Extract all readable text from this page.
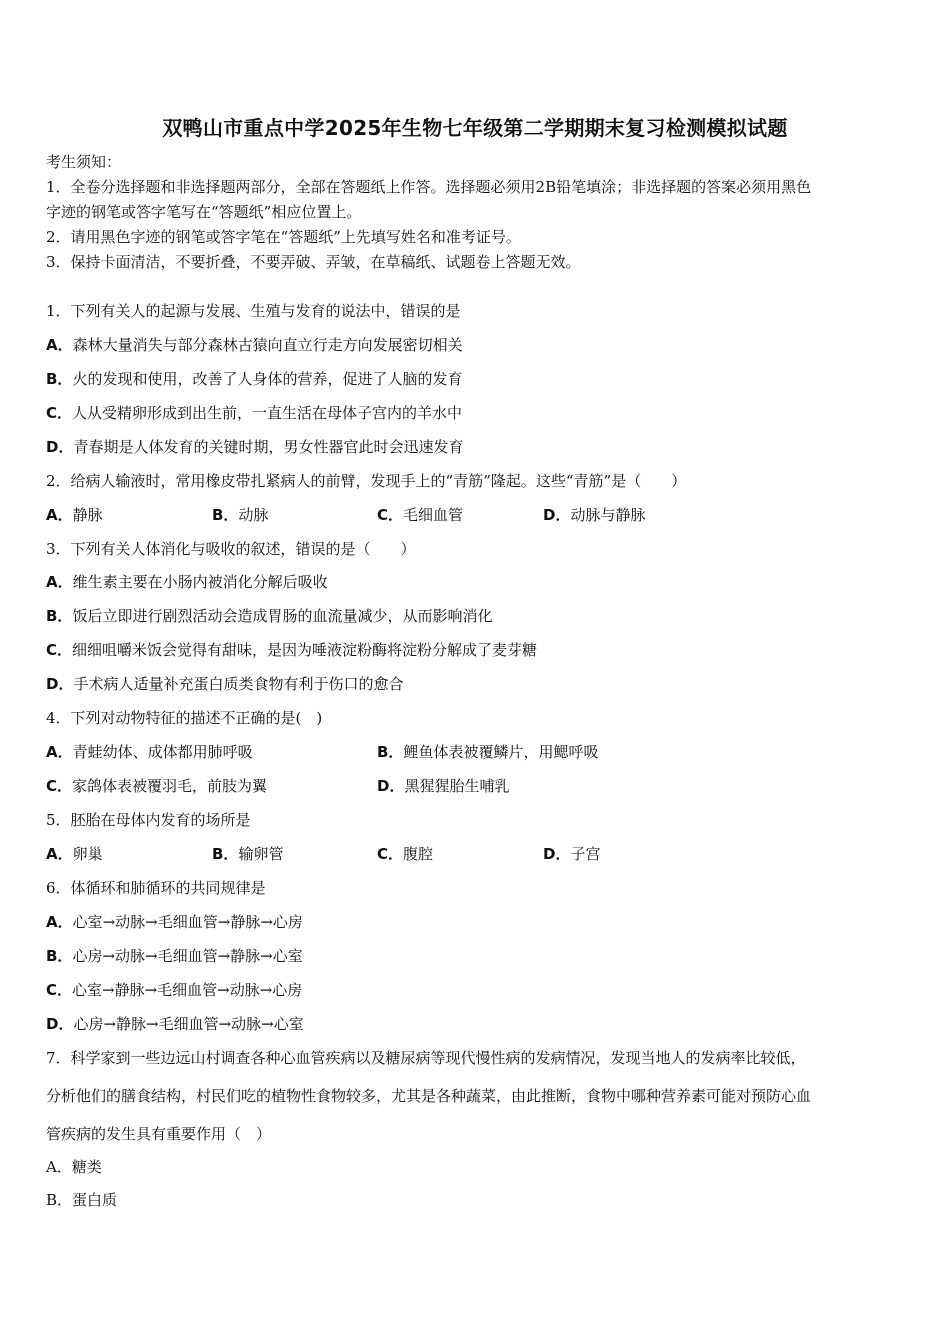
双鸭山市重点中学2025年生物七年级第二学期期末复习检测模拟试题
考生须知：
1．全卷分选择题和非选择题两部分，全部在答题纸上作答。选择题必须用2B铅笔填涂；非选择题的答案必须用黑色
字迹的钢笔或答字笔写在“答题纸”相应位置上。
2．请用黑色字迹的钢笔或答字笔在“答题纸”上先填写姓名和准考证号。
3．保持卡面清洁，不要折叠，不要弄破、弄皱，在草稿纸、试题卷上答题无效。
1．下列有关人的起源与发展、生殖与发育的说法中，错误的是
A．森林大量消失与部分森林古猿向直立行走方向发展密切相关
B．火的发现和使用，改善了人身体的营养，促进了人脑的发育
C．人从受精卵形成到出生前，一直生活在母体子宫内的羊水中
D．青春期是人体发育的关键时期，男女性器官此时会迅速发育
2．给病人输液时，常用橡皮带扎紧病人的前臂，发现手上的“青筋”隆起。这些“青筋”是（　　）
A．静脉	B．动脉	C．毛细血管	D．动脉与静脉
3．下列有关人体消化与吸收的叙述，错误的是（　　）
A．维生素主要在小肠内被消化分解后吸收
B．饭后立即进行剧烈活动会造成胃肠的血流量减少，从而影响消化
C．细细咀嚼米饭会觉得有甜味，是因为唾液淀粉酶将淀粉分解成了麦芽糖
D．手术病人适量补充蛋白质类食物有利于伤口的愈合
4．下列对动物特征的描述不正确的是(　)
A．青蛙幼体、成体都用肺呼吸	B．鲤鱼体表被覆鳞片，用鳃呼吸
C．家鸽体表被覆羽毛，前肢为翼	D．黑猩猩胎生哺乳
5．胚胎在母体内发育的场所是
A．卵巢	B．输卵管	C．腹腔	D．子宫
6．体循环和肺循环的共同规律是
A．心室→动脉→毛细血管→静脉→心房
B．心房→动脉→毛细血管→静脉→心室
C．心室→静脉→毛细血管→动脉→心房
D．心房→静脉→毛细血管→动脉→心室
7．科学家到一些边远山村调查各种心血管疾病以及糖尿病等现代慢性病的发病情况，发现当地人的发病率比较低，
分析他们的膳食结构，村民们吃的植物性食物较多，尤其是各种蔬菜，由此推断，食物中哪种营养素可能对预防心血
管疾病的发生具有重要作用（　）
A．糖类
B．蛋白质
